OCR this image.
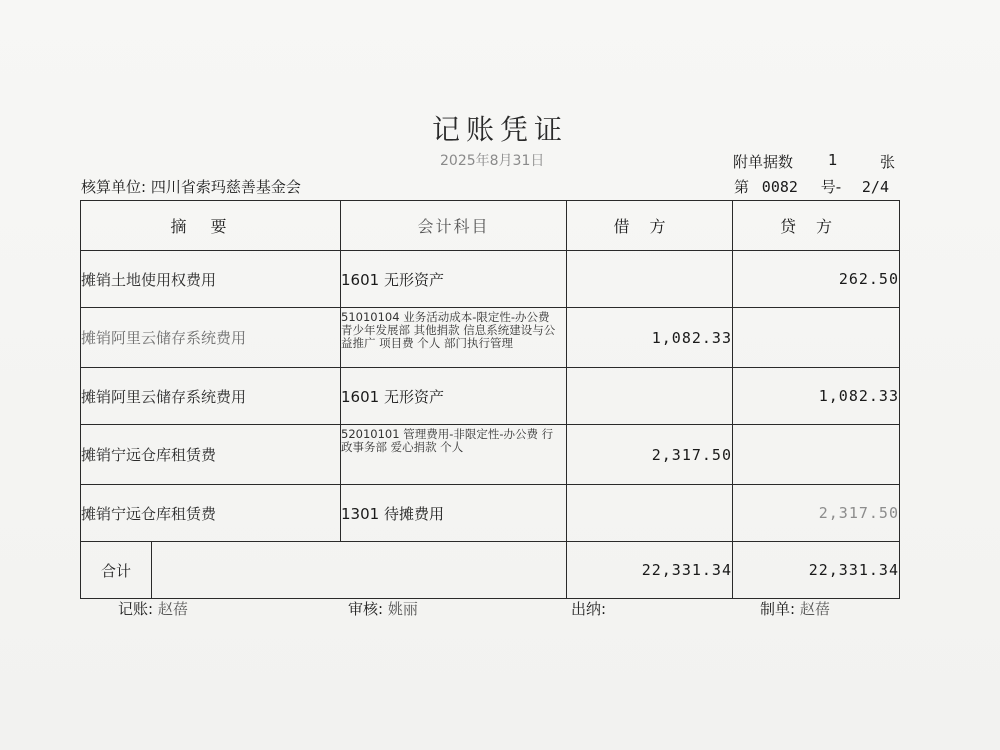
记账凭证
2025年8月31日	附单据数 1	张
核算单位: 四川省索玛慈善基金会	第 0082 号- 2/4
摘要	会计科目	借方	贷方
摊销土地使用权费用	1601 无形资产		262.50
摊销阿里云储存系统费用	51010104 业务活动成本-限定性-办公费 青少年发展部 其他捐款 信息系统建设与公益推广 项目费 个人 部门执行管理	1,082.33	
摊销阿里云储存系统费用	1601 无形资产		1,082.33
摊销宁远仓库租赁费	52010101 管理费用-非限定性-办公费 行政事务部 爱心捐款 个人	2,317.50	
摊销宁远仓库租赁费	1301 待摊费用		2,317.50

合计		22,331.34	22,331.34
记账: 赵蓓	审核: 姚丽	出纳:	制单: 赵蓓
